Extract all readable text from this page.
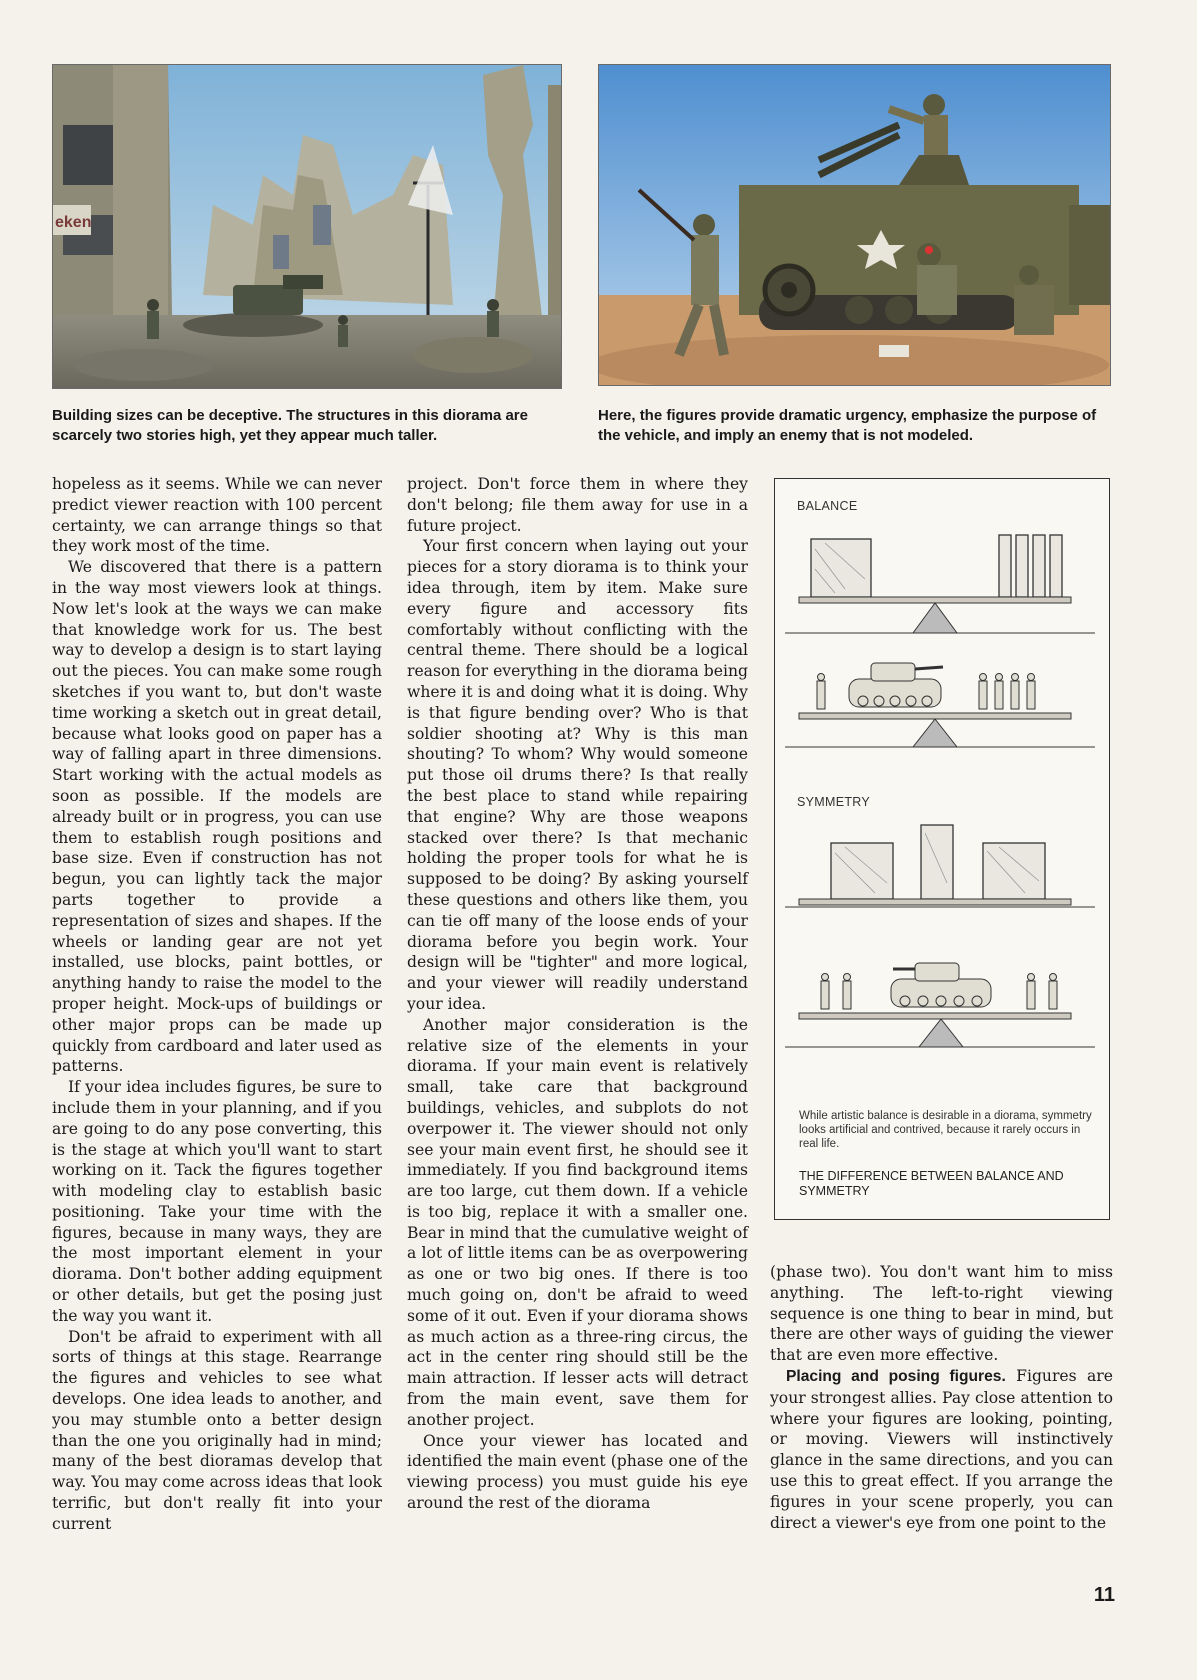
eken
Building sizes can be deceptive. The structures in this diorama are scarcely two stories high, yet they appear much taller.
Here, the figures provide dramatic urgency, emphasize the purpose of the vehicle, and imply an enemy that is not modeled.

hopeless as it seems. While we can never predict viewer reaction with 100 percent certainty, we can arrange things so that they work most of the time.

We discovered that there is a pattern in the way most viewers look at things. Now let's look at the ways we can make that knowledge work for us. The best way to develop a design is to start laying out the pieces. You can make some rough sketches if you want to, but don't waste time working a sketch out in great detail, because what looks good on paper has a way of falling apart in three dimensions. Start working with the actual models as soon as possible. If the models are already built or in progress, you can use them to establish rough positions and base size. Even if construction has not begun, you can lightly tack the major parts together to provide a representation of sizes and shapes. If the wheels or landing gear are not yet installed, use blocks, paint bottles, or anything handy to raise the model to the proper height. Mock-ups of buildings or other major props can be made up quickly from cardboard and later used as patterns.

If your idea includes figures, be sure to include them in your planning, and if you are going to do any pose converting, this is the stage at which you'll want to start working on it. Tack the figures together with modeling clay to establish basic positioning. Take your time with the figures, because in many ways, they are the most important element in your diorama. Don't bother adding equipment or other details, but get the posing just the way you want it.

Don't be afraid to experiment with all sorts of things at this stage. Rearrange the figures and vehicles to see what develops. One idea leads to another, and you may stumble onto a better design than the one you originally had in mind; many of the best dioramas develop that way. You may come across ideas that look terrific, but don't really fit into your current

project. Don't force them in where they don't belong; file them away for use in a future project.

Your first concern when laying out your pieces for a story diorama is to think your idea through, item by item. Make sure every figure and accessory fits comfortably without conflicting with the central theme. There should be a logical reason for everything in the diorama being where it is and doing what it is doing. Why is that figure bending over? Who is that soldier shooting at? Why is this man shouting? To whom? Why would someone put those oil drums there? Is that really the best place to stand while repairing that engine? Why are those weapons stacked over there? Is that mechanic holding the proper tools for what he is supposed to be doing? By asking yourself these questions and others like them, you can tie off many of the loose ends of your diorama before you begin work. Your design will be "tighter" and more logical, and your viewer will readily understand your idea.

Another major consideration is the relative size of the elements in your diorama. If your main event is relatively small, take care that background buildings, vehicles, and subplots do not overpower it. The viewer should not only see your main event first, he should see it immediately. If you find background items are too large, cut them down. If a vehicle is too big, replace it with a smaller one. Bear in mind that the cumulative weight of a lot of little items can be as overpowering as one or two big ones. If there is too much going on, don't be afraid to weed some of it out. Even if your diorama shows as much action as a three-ring circus, the act in the center ring should still be the main attraction. If lesser acts will detract from the main event, save them for another project.

Once your viewer has located and identified the main event (phase one of the viewing process) you must guide his eye around the rest of the diorama

BALANCE
SYMMETRY
While artistic balance is desirable in a diorama, symmetry looks artificial and contrived, because it rarely occurs in real life.
THE DIFFERENCE BETWEEN BALANCE AND SYMMETRY

(phase two). You don't want him to miss anything. The left-to-right viewing sequence is one thing to bear in mind, but there are other ways of guiding the viewer that are even more effective.

Placing and posing figures. Figures are your strongest allies. Pay close attention to where your figures are looking, pointing, or moving. Viewers will instinctively glance in the same directions, and you can use this to great effect. If you arrange the figures in your scene properly, you can direct a viewer's eye from one point to the

11
